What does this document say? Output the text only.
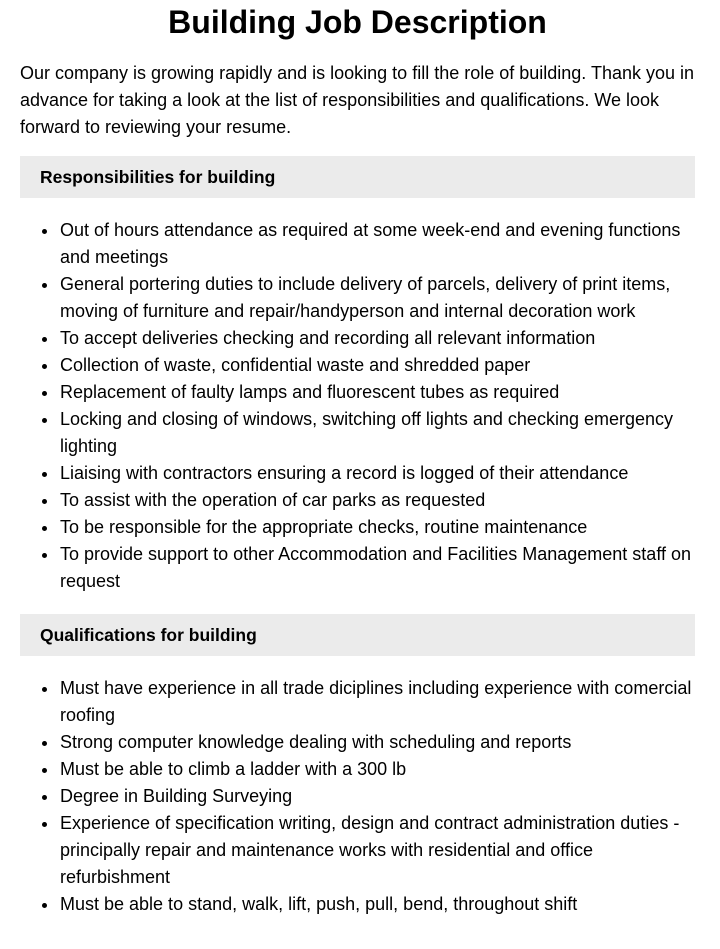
Building Job Description

Our company is growing rapidly and is looking to fill the role of building. Thank you in advance for taking a look at the list of responsibilities and qualifications. We look forward to reviewing your resume.

Responsibilities for building
Out of hours attendance as required at some week-end and evening functions and meetings
General portering duties to include delivery of parcels, delivery of print items, moving of furniture and repair/handyperson and internal decoration work
To accept deliveries checking and recording all relevant information
Collection of waste, confidential waste and shredded paper
Replacement of faulty lamps and fluorescent tubes as required
Locking and closing of windows, switching off lights and checking emergency lighting
Liaising with contractors ensuring a record is logged of their attendance
To assist with the operation of car parks as requested
To be responsible for the appropriate checks, routine maintenance
To provide support to other Accommodation and Facilities Management staff on request
Qualifications for building
Must have experience in all trade diciplines including experience with comercial roofing
Strong computer knowledge dealing with scheduling and reports
Must be able to climb a ladder with a 300 lb
Degree in Building Surveying
Experience of specification writing, design and contract administration duties - principally repair and maintenance works with residential and office refurbishment
Must be able to stand, walk, lift, push, pull, bend, throughout shift
